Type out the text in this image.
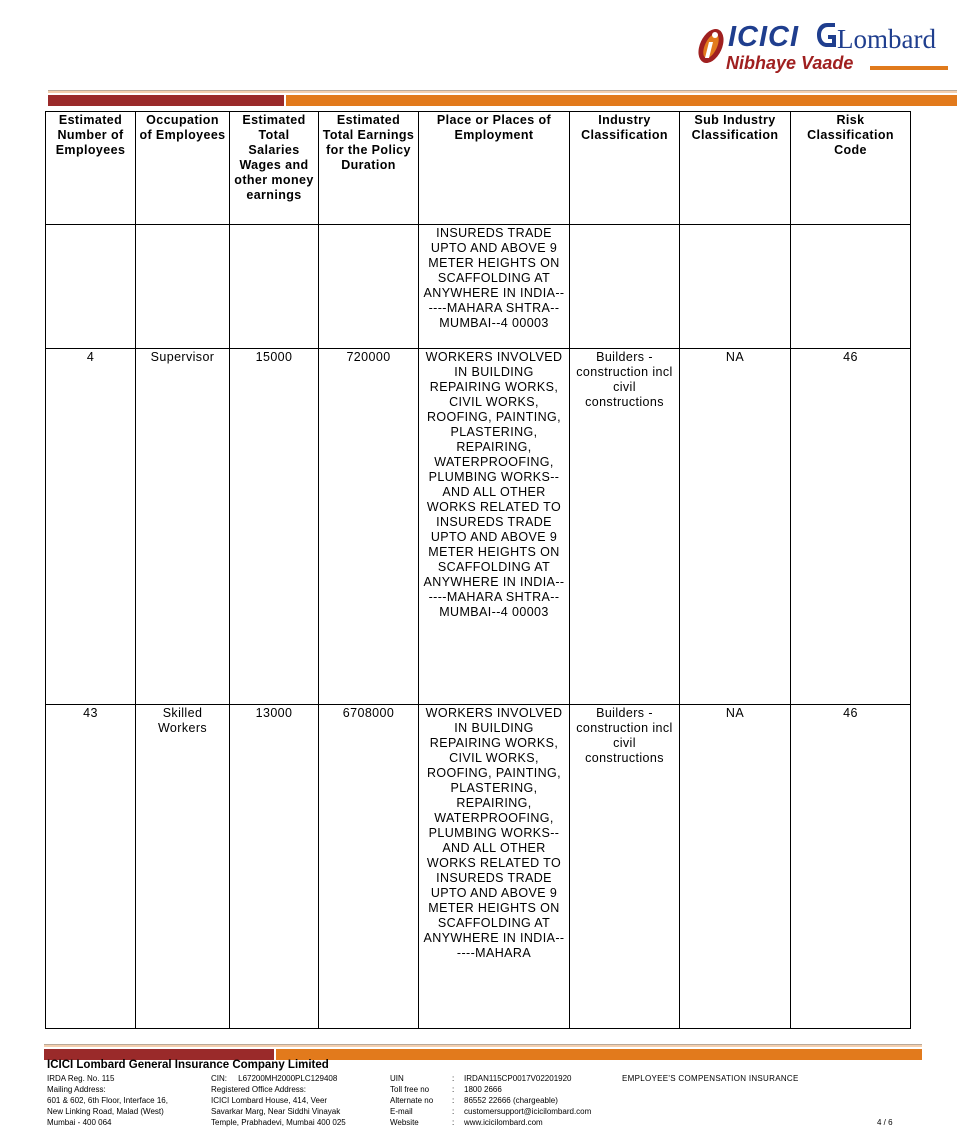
ICICI Lombard
Nibhaye Vaade
Estimated Number of Employees	Occupation of Employees	Estimated Total Salaries Wages and other money earnings	Estimated Total Earnings for the Policy Duration	Place or Places of Employment	Industry Classification	Sub Industry Classification	Risk Classification Code
				INSUREDS TRADE UPTO AND ABOVE 9 METER HEIGHTS ON SCAFFOLDING AT ANYWHERE IN INDIA------MAHARA SHTRA--MUMBAI--4 00003			
4	Supervisor	15000	720000	WORKERS INVOLVED IN BUILDING REPAIRING WORKS, CIVIL WORKS, ROOFING, PAINTING, PLASTERING, REPAIRING, WATERPROOFING, PLUMBING WORKS--AND ALL OTHER WORKS RELATED TO INSUREDS TRADE UPTO AND ABOVE 9 METER HEIGHTS ON SCAFFOLDING AT ANYWHERE IN INDIA------MAHARA SHTRA--MUMBAI--4 00003	Builders - construction incl civil constructions	NA	46
43	Skilled Workers	13000	6708000	WORKERS INVOLVED IN BUILDING REPAIRING WORKS, CIVIL WORKS, ROOFING, PAINTING, PLASTERING, REPAIRING, WATERPROOFING, PLUMBING WORKS--AND ALL OTHER WORKS RELATED TO INSUREDS TRADE UPTO AND ABOVE 9 METER HEIGHTS ON SCAFFOLDING AT ANYWHERE IN INDIA------MAHARA	Builders - construction incl civil constructions	NA	46
ICICI Lombard General Insurance Company Limited
IRDA Reg. No. 115
Mailing Address:
601 & 602, 6th Floor, Interface 16,
New Linking Road, Malad (West)
Mumbai - 400 064
CIN:     L67200MH2000PLC129408
Registered Office Address:
ICICI Lombard House, 414, Veer
Savarkar Marg, Near Siddhi Vinayak
Temple, Prabhadevi, Mumbai 400 025
UIN	: IRDAN115CP0017V02201920
Toll free no	: 1800 2666
Alternate no : 86552 22666 (chargeable)
E-mail	: customersupport@icicilombard.com
Website	: www.icicilombard.com
EMPLOYEE'S COMPENSATION INSURANCE
4 / 6
